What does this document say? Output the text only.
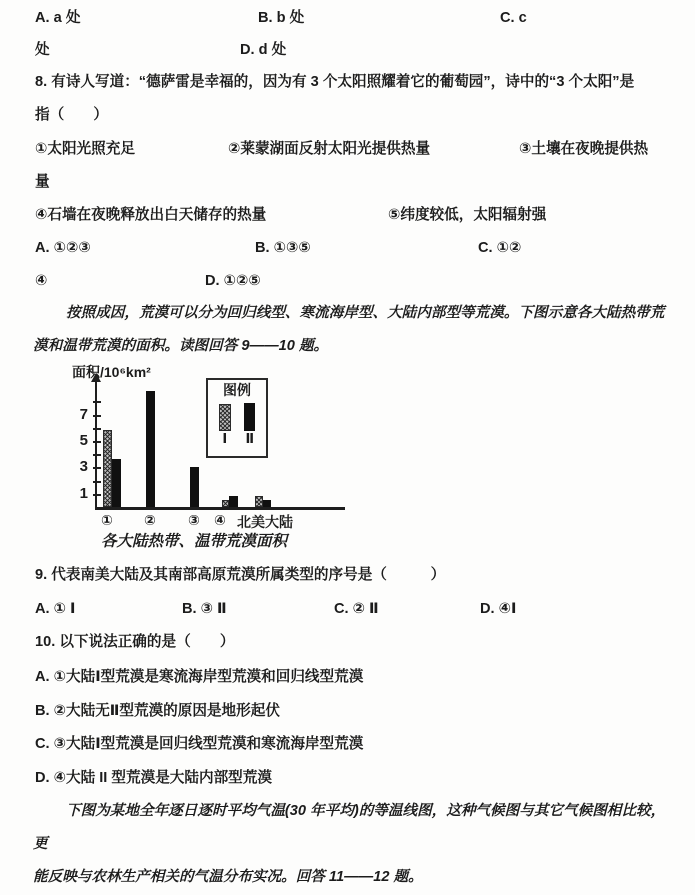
A. a 处	B. b 处	C. c
处	D. d 处
8. 有诗人写道：“德萨雷是幸福的，因为有 3 个太阳照耀着它的葡萄园”，诗中的“3 个太阳”是
指（　　）
①太阳光照充足	②莱蒙湖面反射太阳光提供热量	③土壤在夜晚提供热
量
④石墙在夜晚释放出白天储存的热量	⑤纬度较低，太阳辐射强
A. ①②③	B. ①③⑤	C. ①②
④	D. ①②⑤
按照成因，荒漠可以分为回归线型、寒流海岸型、大陆内部型等荒漠。下图示意各大陆热带荒
漠和温带荒漠的面积。读图回答 9——10 题。
9. 代表南美大陆及其南部高原荒漠所属类型的序号是（　　　）
A. ① Ⅰ	B. ③ Ⅱ	C. ② Ⅱ	D. ④Ⅰ
10. 以下说法正确的是（　　）
A. ①大陆Ⅰ型荒漠是寒流海岸型荒漠和回归线型荒漠
B. ②大陆无Ⅱ型荒漠的原因是地形起伏
C. ③大陆Ⅰ型荒漠是回归线型荒漠和寒流海岸型荒漠
D. ④大陆 II 型荒漠是大陆内部型荒漠
下图为某地全年逐日逐时平均气温(30 年平均)的等温线图，这种气候图与其它气候图相比较，
更
能反映与农林生产相关的气温分布实况。回答 11——12 题。
面积/10⁶km²
1
3
5
7
① ② ③ ④ 北美大陆
图例
Ⅰ Ⅱ
各大陆热带、温带荒漠面积
